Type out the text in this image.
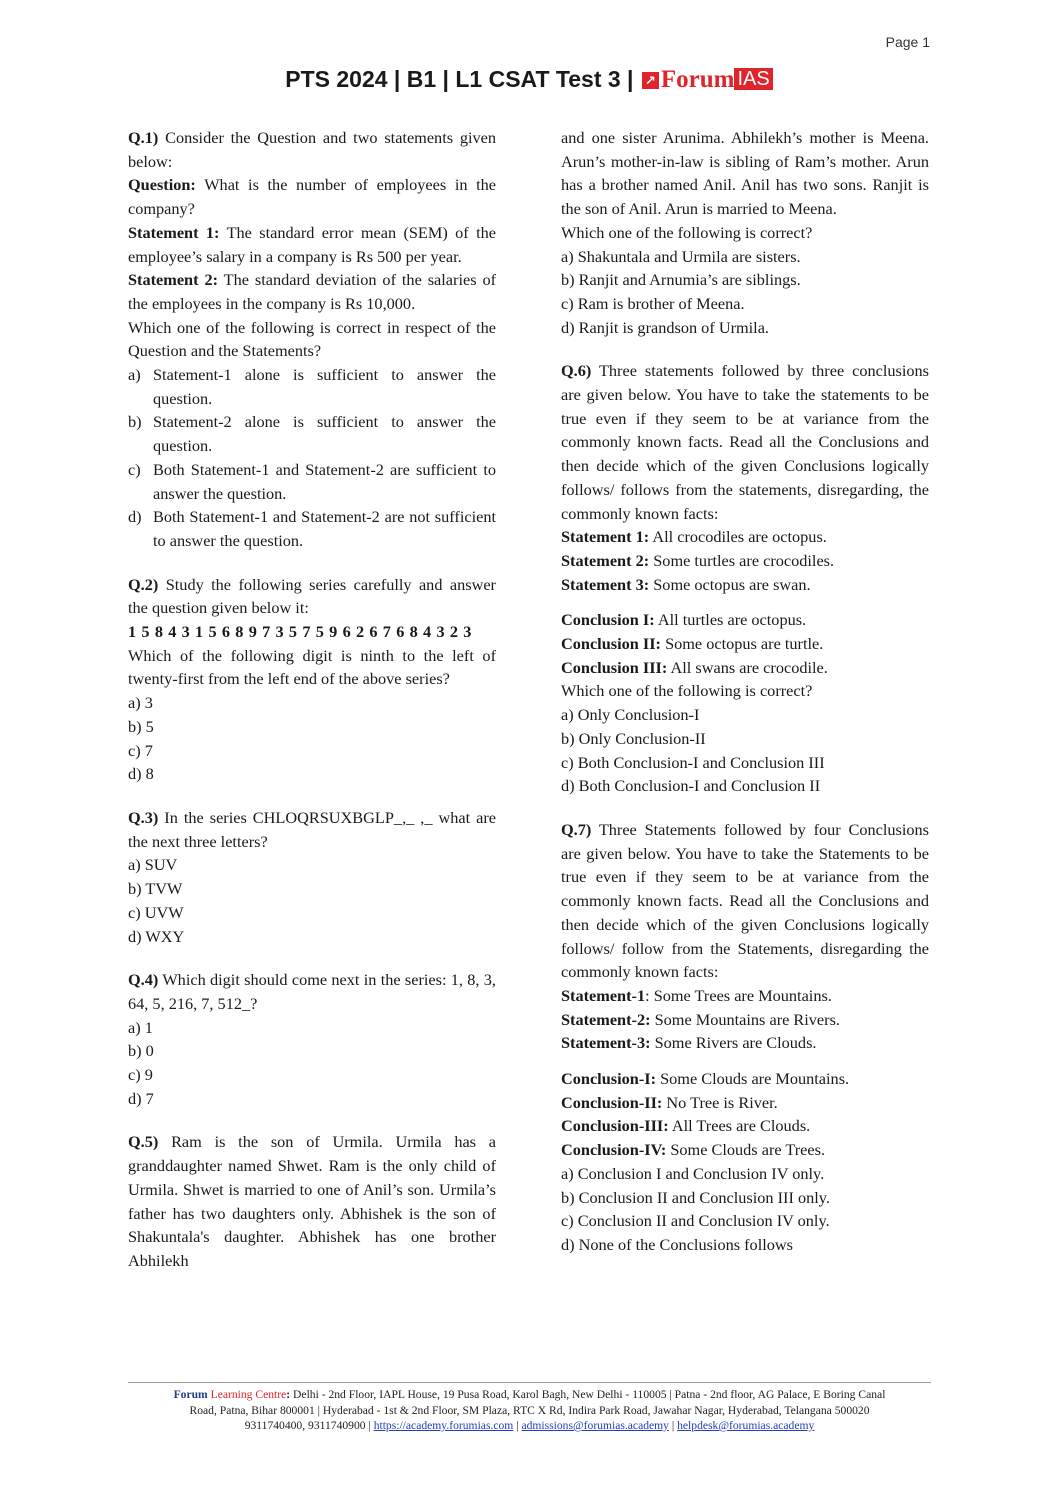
Page 1
PTS 2024 | B1 | L1 CSAT Test 3 | ↗ Forum IAS
Q.1) Consider the Question and two statements given below:
Question: What is the number of employees in the company?
Statement 1: The standard error mean (SEM) of the employee’s salary in a company is Rs 500 per year.
Statement 2: The standard deviation of the salaries of the employees in the company is Rs 10,000.
Which one of the following is correct in respect of the Question and the Statements?
a) Statement-1 alone is sufficient to answer the question.
b) Statement-2 alone is sufficient to answer the question.
c) Both Statement-1 and Statement-2 are sufficient to answer the question.
d) Both Statement-1 and Statement-2 are not sufficient to answer the question.
Q.2) Study the following series carefully and answer the question given below it:
1 5 8 4 3 1 5 6 8 9 7 3 5 7 5 9 6 2 6 7 6 8 4 3 2 3
Which of the following digit is ninth to the left of twenty-first from the left end of the above series?
a) 3
b) 5
c) 7
d) 8
Q.3) In the series CHLOQRSUXBGLP_,_ ,_ what are the next three letters?
a) SUV
b) TVW
c) UVW
d) WXY
Q.4) Which digit should come next in the series: 1, 8, 3, 64, 5, 216, 7, 512_?
a) 1
b) 0
c) 9
d) 7
Q.5) Ram is the son of Urmila. Urmila has a granddaughter named Shwet. Ram is the only child of Urmila. Shwet is married to one of Anil’s son. Urmila’s father has two daughters only. Abhishek is the son of Shakuntala's daughter. Abhishek has one brother Abhilekh
and one sister Arunima. Abhilekh’s mother is Meena. Arun’s mother-in-law is sibling of Ram’s mother. Arun has a brother named Anil. Anil has two sons. Ranjit is the son of Anil. Arun is married to Meena.
Which one of the following is correct?
a) Shakuntala and Urmila are sisters.
b) Ranjit and Arnumia’s are siblings.
c) Ram is brother of Meena.
d) Ranjit is grandson of Urmila.
Q.6) Three statements followed by three conclusions are given below. You have to take the statements to be true even if they seem to be at variance from the commonly known facts. Read all the Conclusions and then decide which of the given Conclusions logically follows/ follows from the statements, disregarding, the commonly known facts:
Statement 1: All crocodiles are octopus.
Statement 2: Some turtles are crocodiles.
Statement 3: Some octopus are swan.
Conclusion I: All turtles are octopus.
Conclusion II: Some octopus are turtle.
Conclusion III: All swans are crocodile.
Which one of the following is correct?
a) Only Conclusion-I
b) Only Conclusion-II
c) Both Conclusion-I and Conclusion III
d) Both Conclusion-I and Conclusion II
Q.7) Three Statements followed by four Conclusions are given below. You have to take the Statements to be true even if they seem to be at variance from the commonly known facts. Read all the Conclusions and then decide which of the given Conclusions logically follows/ follow from the Statements, disregarding the commonly known facts:
Statement-1: Some Trees are Mountains.
Statement-2: Some Mountains are Rivers.
Statement-3: Some Rivers are Clouds.
Conclusion-I: Some Clouds are Mountains.
Conclusion-II: No Tree is River.
Conclusion-III: All Trees are Clouds.
Conclusion-IV: Some Clouds are Trees.
a) Conclusion I and Conclusion IV only.
b) Conclusion II and Conclusion III only.
c) Conclusion II and Conclusion IV only.
d) None of the Conclusions follows
Forum Learning Centre: Delhi - 2nd Floor, IAPL House, 19 Pusa Road, Karol Bagh, New Delhi - 110005 | Patna - 2nd floor, AG Palace, E Boring Canal
Road, Patna, Bihar 800001 | Hyderabad - 1st & 2nd Floor, SM Plaza, RTC X Rd, Indira Park Road, Jawahar Nagar, Hyderabad, Telangana 500020
9311740400, 9311740900 | https://academy.forumias.com | admissions@forumias.academy | helpdesk@forumias.academy
